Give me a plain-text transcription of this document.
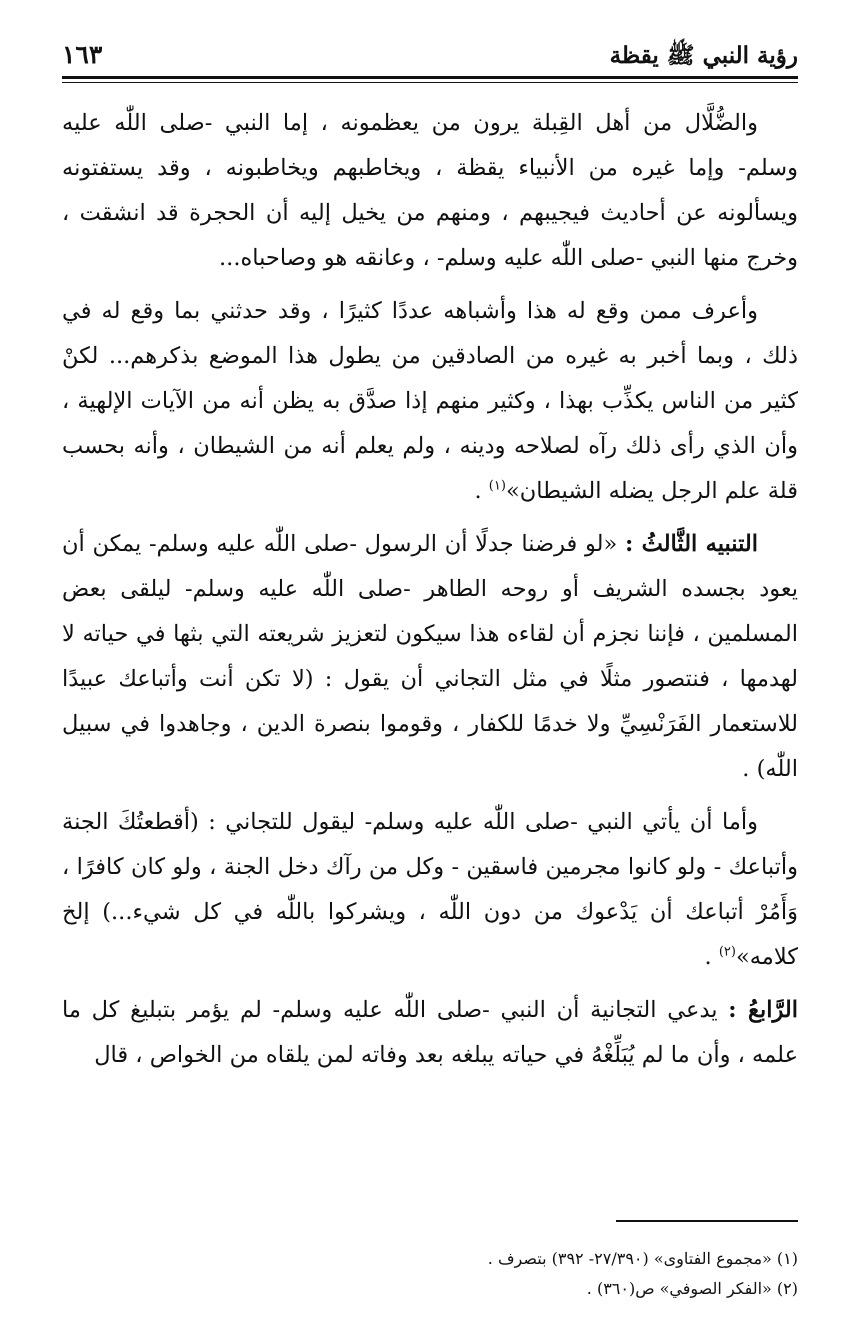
رؤية النبي ﷺ يقظة
١٦٣

والضُّلَّال من أهل القِبلة يرون من يعظمونه ، إما النبي -صلى اللّٰه عليه وسلم- وإما غيره من الأنبياء يقظة ، ويخاطبهم ويخاطبونه ، وقد يستفتونه ويسألونه عن أحاديث فيجيبهم ، ومنهم من يخيل إليه أن الحجرة قد انشقت ، وخرج منها النبي -صلى اللّٰه عليه وسلم- ، وعانقه هو وصاحباه...

وأعرف ممن وقع له هذا وأشباهه عددًا كثيرًا ، وقد حدثني بما وقع له في ذلك ، وبما أخبر به غيره من الصادقين من يطول هذا الموضع بذكرهم... لكنْ كثير من الناس يكذِّب بهذا ، وكثير منهم إذا صدَّق به يظن أنه من الآيات الإلهية ، وأن الذي رأى ذلك رآه لصلاحه ودينه ، ولم يعلم أنه من الشيطان ، وأنه بحسب قلة علم الرجل يضله الشيطان»$^{(١)}$ .

التنبيه الثَّالثُ : «لو فرضنا جدلًا أن الرسول -صلى اللّٰه عليه وسلم- يمكن أن يعود بجسده الشريف أو روحه الطاهر -صلى اللّٰه عليه وسلم- ليلقى بعض المسلمين ، فإننا نجزم أن لقاءه هذا سيكون لتعزيز شريعته التي بثها في حياته لا لهدمها ، فنتصور مثلًا في مثل التجاني أن يقول : (لا تكن أنت وأتباعك عبيدًا للاستعمار الفَرَنْسِيِّ ولا خدمًا للكفار ، وقوموا بنصرة الدين ، وجاهدوا في سبيل اللّٰه) .

وأما أن يأتي النبي -صلى اللّٰه عليه وسلم- ليقول للتجاني : (أقطعتُكَ الجنة وأتباعك - ولو كانوا مجرمين فاسقين - وكل من رآك دخل الجنة ، ولو كان كافرًا ، وَأَمُرْ أتباعك أن يَدْعوك من دون اللّٰه ، ويشركوا باللّٰه في كل شيء...) إلخ كلامه»$^{(٢)}$ .

الرَّابعُ : يدعي التجانية أن النبي -صلى اللّٰه عليه وسلم- لم يؤمر بتبليغ كل ما علمه ، وأن ما لم يُبَلِّغْهُ في حياته يبلغه بعد وفاته لمن يلقاه من الخواص ، قال

(١) «مجموع الفتاوى» (٢٧/٣٩٠- ٣٩٢) بتصرف .

(٢) «الفكر الصوفي» ص(٣٦٠) .
